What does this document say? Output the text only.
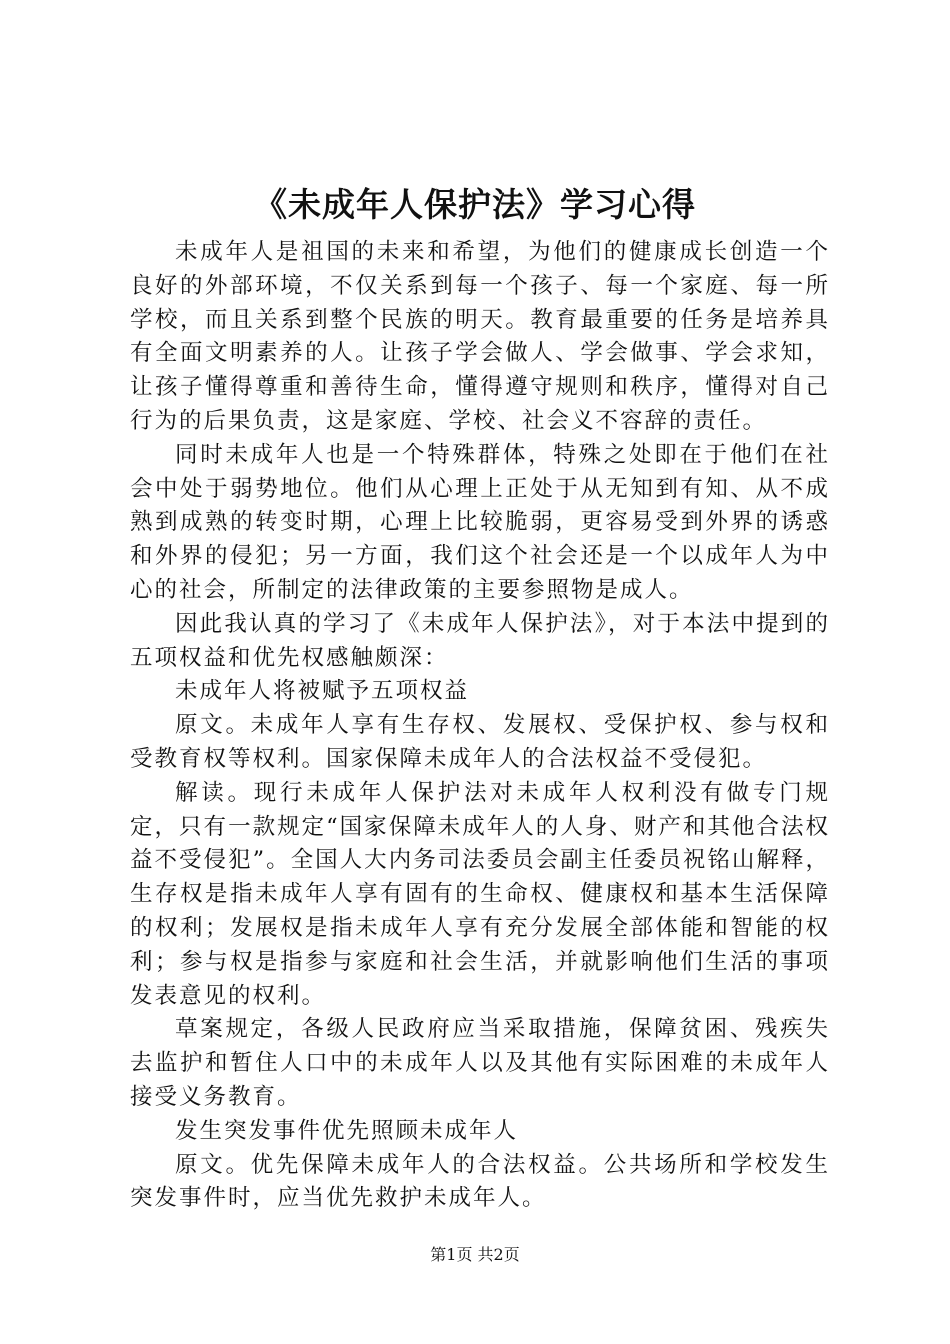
《未成年人保护法》学习心得

未成年人是祖国的未来和希望，为他们的健康成长创造一个良好的外部环境，不仅关系到每一个孩子、每一个家庭、每一所学校，而且关系到整个民族的明天。教育最重要的任务是培养具有全面文明素养的人。让孩子学会做人、学会做事、学会求知，让孩子懂得尊重和善待生命，懂得遵守规则和秩序，懂得对自己行为的后果负责，这是家庭、学校、社会义不容辞的责任。

同时未成年人也是一个特殊群体，特殊之处即在于他们在社会中处于弱势地位。他们从心理上正处于从无知到有知、从不成熟到成熟的转变时期，心理上比较脆弱，更容易受到外界的诱惑和外界的侵犯；另一方面，我们这个社会还是一个以成年人为中心的社会，所制定的法律政策的主要参照物是成人。

因此我认真的学习了《未成年人保护法》，对于本法中提到的五项权益和优先权感触颇深：

未成年人将被赋予五项权益

原文。未成年人享有生存权、发展权、受保护权、参与权和受教育权等权利。国家保障未成年人的合法权益不受侵犯。

解读。现行未成年人保护法对未成年人权利没有做专门规定，只有一款规定“国家保障未成年人的人身、财产和其他合法权益不受侵犯”。全国人大内务司法委员会副主任委员祝铭山解释，生存权是指未成年人享有固有的生命权、健康权和基本生活保障的权利；发展权是指未成年人享有充分发展全部体能和智能的权利；参与权是指参与家庭和社会生活，并就影响他们生活的事项发表意见的权利。

草案规定，各级人民政府应当采取措施，保障贫困、残疾失去监护和暂住人口中的未成年人以及其他有实际困难的未成年人接受义务教育。

发生突发事件优先照顾未成年人

原文。优先保障未成年人的合法权益。公共场所和学校发生突发事件时，应当优先救护未成年人。

第1页 共2页
